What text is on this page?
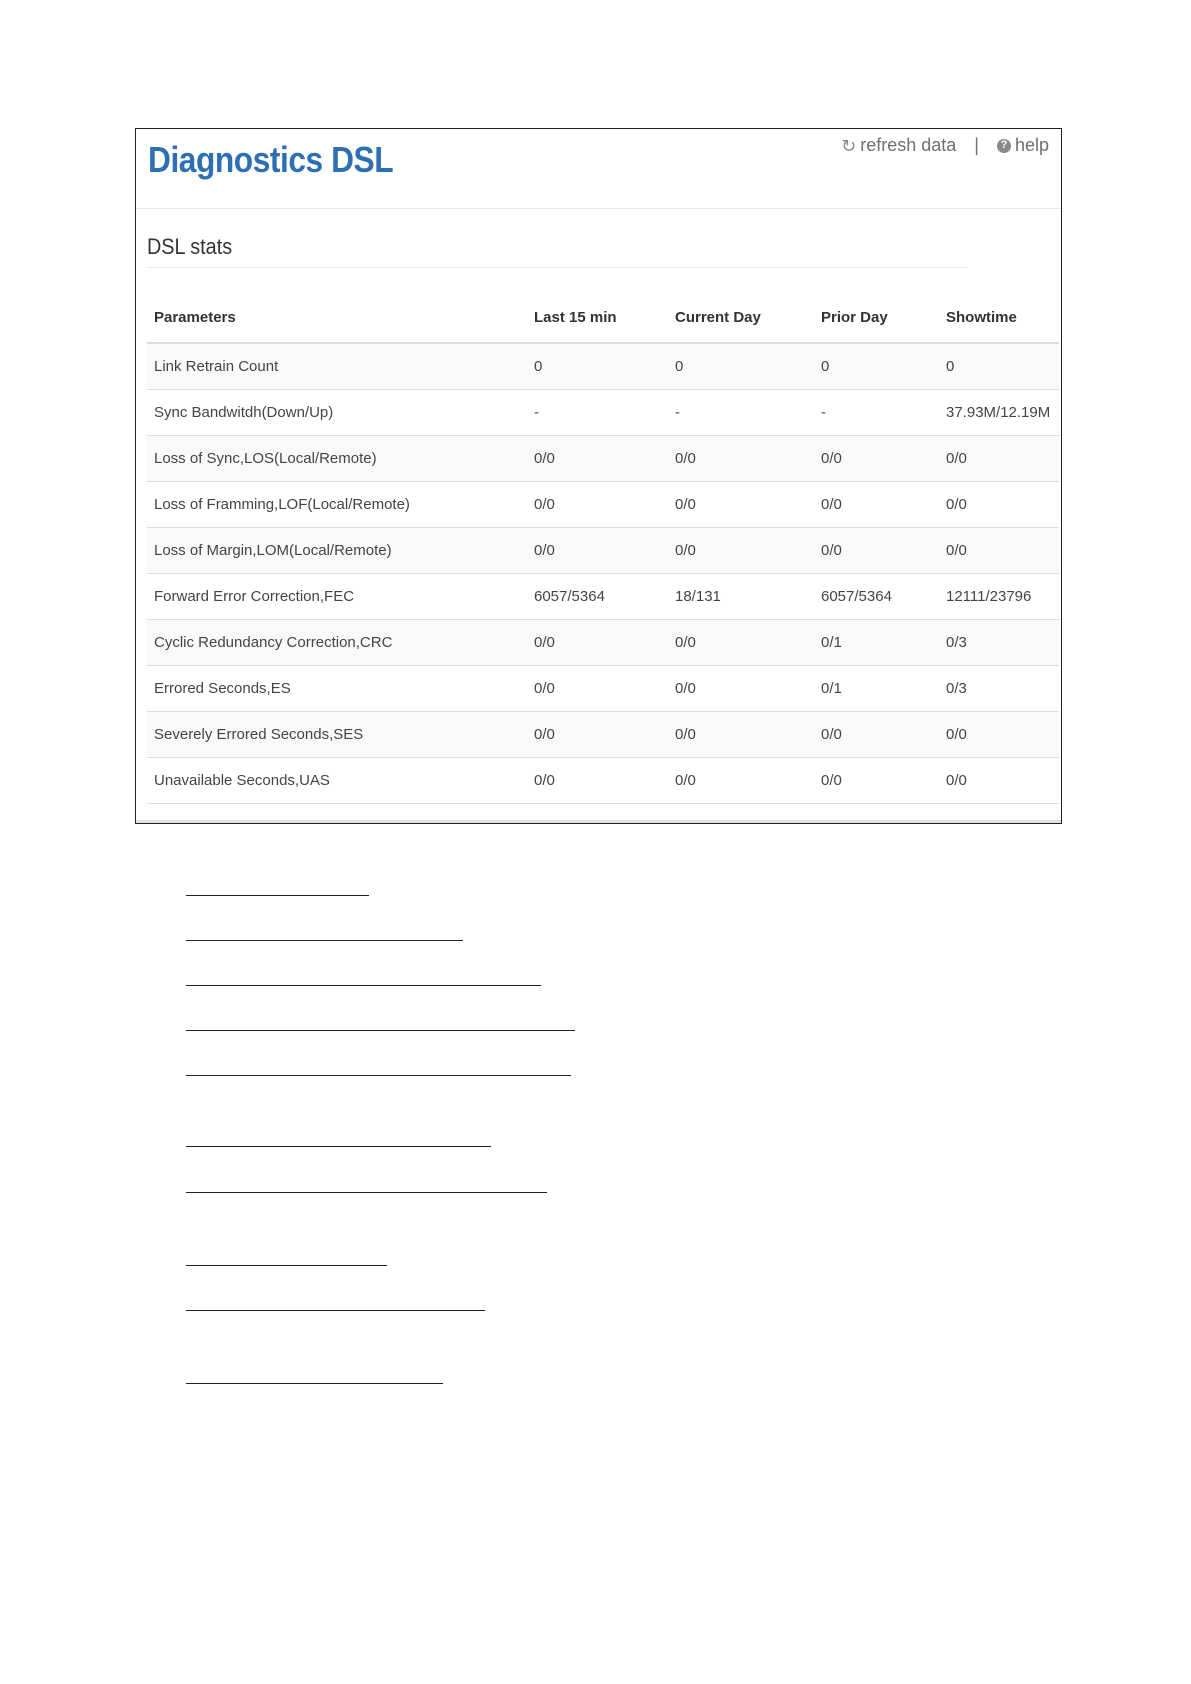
Diagnostics DSL	↻ refresh data |	? help
DSL stats
Parameters	Last 15 min	Current Day	Prior Day	Showtime
Link Retrain Count	0	0	0	0
Sync Bandwitdh(Down/Up)	-	-	-	37.93M/12.19M
Loss of Sync,LOS(Local/Remote)	0/0	0/0	0/0	0/0
Loss of Framming,LOF(Local/Remote)	0/0	0/0	0/0	0/0
Loss of Margin,LOM(Local/Remote)	0/0	0/0	0/0	0/0
Forward Error Correction,FEC	6057/5364	18/131	6057/5364	12111/23796
Cyclic Redundancy Correction,CRC	0/0	0/0	0/1	0/3
Errored Seconds,ES	0/0	0/0	0/1	0/3
Severely Errored Seconds,SES	0/0	0/0	0/0	0/0
Unavailable Seconds,UAS	0/0	0/0	0/0	0/0
